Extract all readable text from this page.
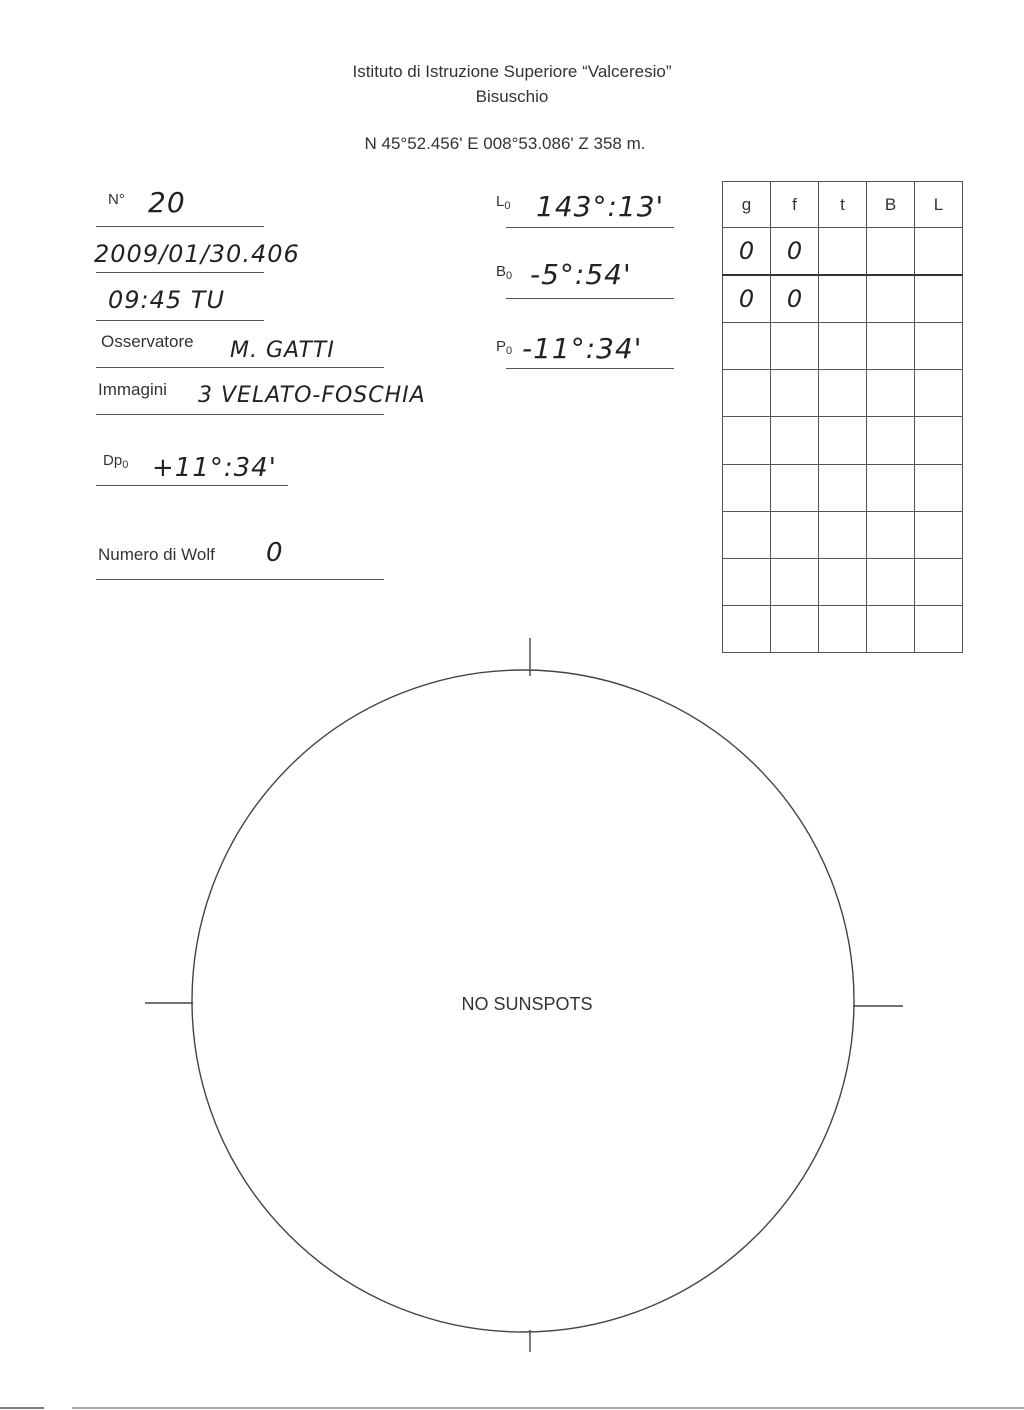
Istituto di Istruzione Superiore “Valceresio”
Bisuschio
N 45°52.456' E 008°53.086' Z 358 m.
N° 20
2009/01/30.406
09:45 TU
Osservatore M. GATTI
Immagini 3 VELATO-FOSCHIA
$Dp_0$ +11°:34'
Numero di Wolf 0
$L_0$ 143°:13'
$B_0$ -5°:54'
$P_0$ -11°:34'
g	f	t	B	L
0	0			
0	0			

NO SUNSPOTS
